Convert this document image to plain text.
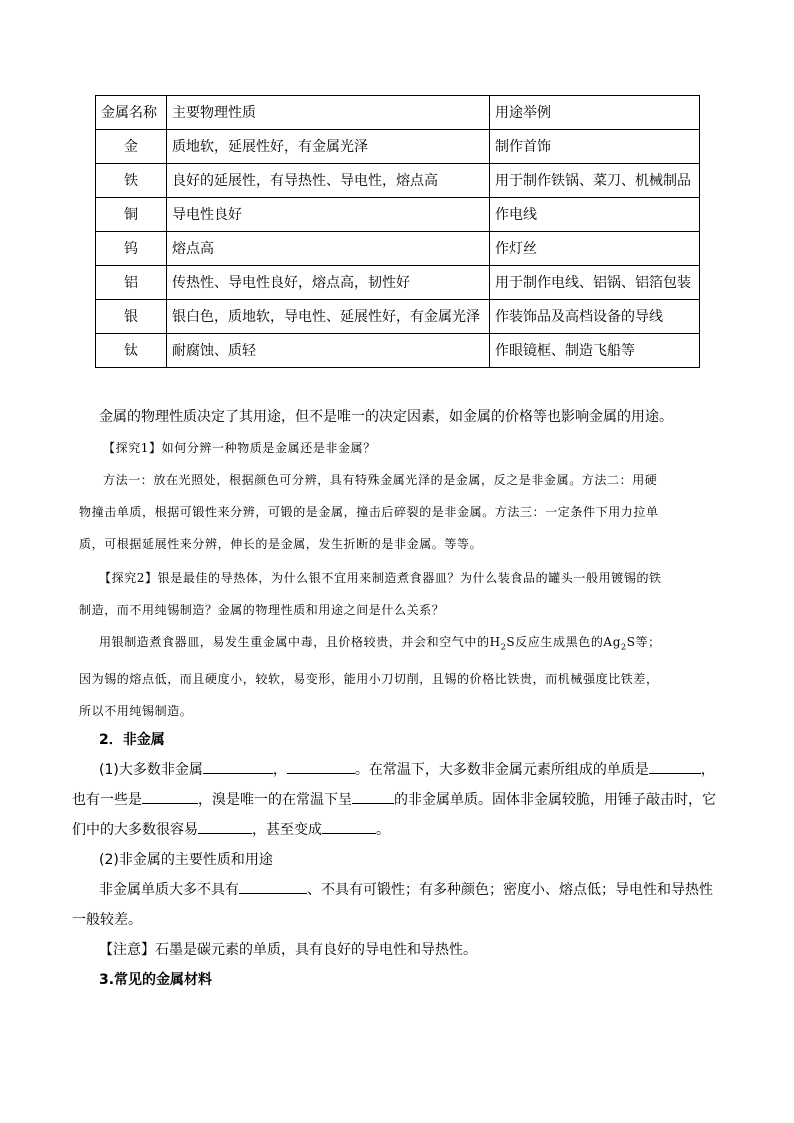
金属名称	主要物理性质	用途举例
金	质地软，延展性好，有金属光泽	制作首饰
铁	良好的延展性，有导热性、导电性，熔点高	用于制作铁锅、菜刀、机械制品
铜	导电性良好	作电线
钨	熔点高	作灯丝
铝	传热性、导电性良好，熔点高，韧性好	用于制作电线、铝锅、铝箔包装
银	银白色，质地软，导电性、延展性好，有金属光泽	作装饰品及高档设备的导线
钛	耐腐蚀、质轻	作眼镜框、制造飞船等

金属的物理性质决定了其用途，但不是唯一的决定因素，如金属的价格等也影响金属的用途。

【探究1】如何分辨一种物质是金属还是非金属？

方法一：放在光照处，根据颜色可分辨，具有特殊金属光泽的是金属，反之是非金属。方法二：用硬

物撞击单质，根据可锻性来分辨，可锻的是金属，撞击后碎裂的是非金属。方法三：一定条件下用力拉单

质，可根据延展性来分辨，伸长的是金属，发生折断的是非金属。等等。

【探究2】银是最佳的导热体，为什么银不宜用来制造煮食器皿？为什么装食品的罐头一般用镀锡的铁

制造，而不用纯锡制造？金属的物理性质和用途之间是什么关系？

用银制造煮食器皿，易发生重金属中毒，且价格较贵，并会和空气中的$H_2S$反应生成黑色的$Ag_2S$等；

因为锡的熔点低，而且硬度小，较软，易变形，能用小刀切削，且锡的价格比铁贵，而机械强度比铁差，

所以不用纯锡制造。

2．非金属

(1)大多数非金属	，	。在常温下，大多数非金属元素所组成的单质是	，

也有一些是	，溴是唯一的在常温下呈	的非金属单质。固体非金属较脆，用锤子敲击时，它

们中的大多数很容易	，甚至变成	。

(2)非金属的主要性质和用途

非金属单质大多不具有	、不具有可锻性；有多种颜色；密度小、熔点低；导电性和导热性

一般较差。

【注意】石墨是碳元素的单质，具有良好的导电性和导热性。

3.常见的金属材料
